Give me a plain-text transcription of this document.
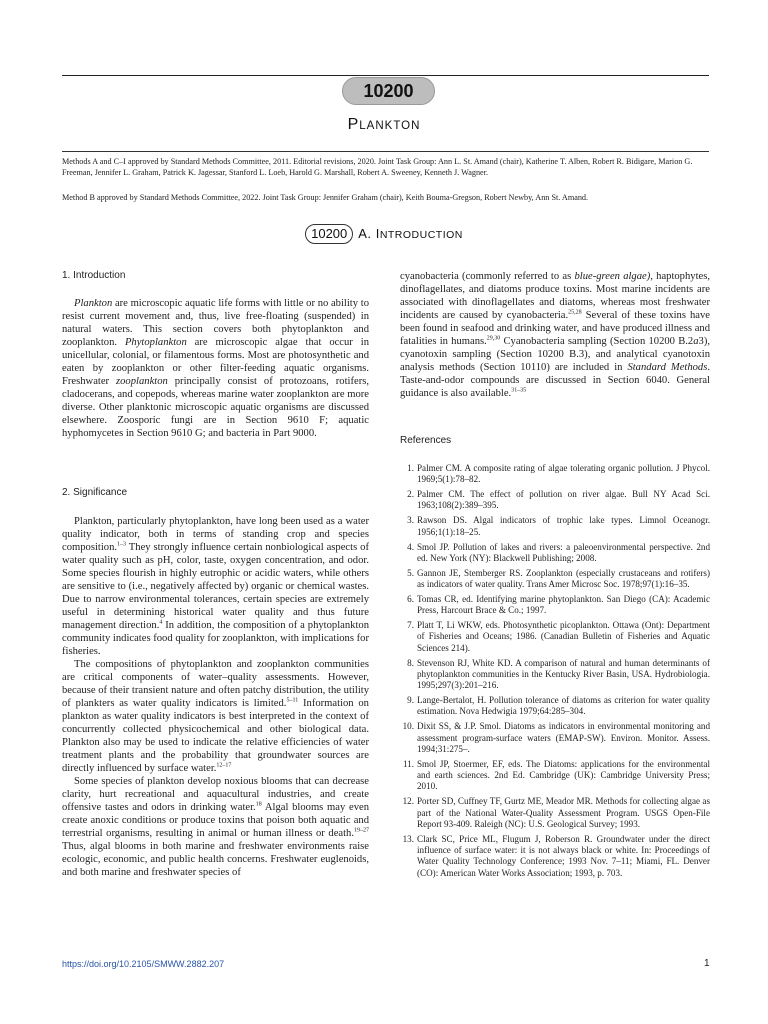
10200
PLANKTON
Methods A and C–I approved by Standard Methods Committee, 2011. Editorial revisions, 2020. Joint Task Group: Ann L. St. Amand (chair), Katherine T. Alben, Robert R. Bidigare, Marion G. Freeman, Jennifer L. Graham, Patrick K. Jagessar, Stanford L. Loeb, Harold G. Marshall, Robert A. Sweeney, Kenneth J. Wagner.
Method B approved by Standard Methods Committee, 2022. Joint Task Group: Jennifer Graham (chair), Keith Bouma-Gregson, Robert Newby, Ann St. Amand.
10200 A. INTRODUCTION
1. Introduction

Plankton are microscopic aquatic life forms with little or no ability to resist current movement and, thus, live free-floating (suspended) in natural waters. This section covers both phytoplankton and zooplankton. Phytoplankton are microscopic algae that occur in unicellular, colonial, or filamentous forms. Most are photosynthetic and eaten by zooplankton or other filter-feeding aquatic organisms. Freshwater zooplankton principally consist of protozoans, rotifers, cladocerans, and copepods, whereas marine water zooplankton are more diverse. Other planktonic microscopic aquatic organisms are discussed elsewhere. Zoosporic fungi are in Section 9610 F; aquatic hyphomycetes in Section 9610 G; and bacteria in Part 9000.

2. Significance

Plankton, particularly phytoplankton, have long been used as a water quality indicator, both in terms of standing crop and species composition.$^{1-3}$ They strongly influence certain nonbiological aspects of water quality such as pH, color, taste, oxygen concentration, and odor. Some species flourish in highly eutrophic or acidic waters, while others are sensitive to (i.e., negatively affected by) organic or chemical wastes. Due to narrow environmental tolerances, certain species are extremely useful in determining historical water quality and thus future management direction.$^4$ In addition, the composition of a phytoplankton community indicates food quality for zooplankton, with implications for fisheries.

The compositions of phytoplankton and zooplankton communities are critical components of water–quality assessments. However, because of their transient nature and often patchy distribution, the utility of plankters as water quality indicators is limited.$^{5-11}$ Information on plankton as water quality indicators is best interpreted in the context of concurrently collected physicochemical and other biological data. Plankton also may be used to indicate the relative efficiencies of water treatment plants and the probability that groundwater sources are directly influenced by surface water.$^{12-17}$

Some species of plankton develop noxious blooms that can decrease clarity, hurt recreational and aquacultural industries, and create offensive tastes and odors in drinking water.$^{18}$ Algal blooms may even create anoxic conditions or produce toxins that poison both aquatic and terrestrial organisms, resulting in animal or human illness or death.$^{19-27}$ Thus, algal blooms in both marine and freshwater environments raise ecologic, economic, and public health concerns. Freshwater euglenoids, and both marine and freshwater species of

cyanobacteria (commonly referred to as blue-green algae), haptophytes, dinoflagellates, and diatoms produce toxins. Most marine incidents are associated with dinoflagellates and diatoms, whereas most freshwater incidents are caused by cyanobacteria.$^{25,28}$ Several of these toxins have been found in seafood and drinking water, and have produced illness and fatalities in humans.$^{29,30}$ Cyanobacteria sampling (Section 10200 B.2a3), cyanotoxin sampling (Section 10200 B.3), and analytical cyanotoxin analysis methods (Section 10110) are included in Standard Methods. Taste-and-odor compounds are discussed in Section 6040. General guidance is also available.$^{31-35}$

References
1. Palmer CM. A composite rating of algae tolerating organic pollution. J Phycol. 1969;5(1):78–82.
2. Palmer CM. The effect of pollution on river algae. Bull NY Acad Sci. 1963;108(2):389–395.
3. Rawson DS. Algal indicators of trophic lake types. Limnol Oceanogr. 1956;1(1):18–25.
4. Smol JP. Pollution of lakes and rivers: a paleoenvironmental perspective. 2nd ed. New York (NY): Blackwell Publishing; 2008.
5. Gannon JE, Stemberger RS. Zooplankton (especially crustaceans and rotifers) as indicators of water quality. Trans Amer Microsc Soc. 1978;97(1):16–35.
6. Tomas CR, ed. Identifying marine phytoplankton. San Diego (CA): Academic Press, Harcourt Brace & Co.; 1997.
7. Platt T, Li WKW, eds. Photosynthetic picoplankton. Ottawa (Ont): Department of Fisheries and Oceans; 1986. (Canadian Bulletin of Fisheries and Aquatic Sciences 214).
8. Stevenson RJ, White KD. A comparison of natural and human determinants of phytoplankton communities in the Kentucky River Basin, USA. Hydrobiologia. 1995;297(3):201–216.
9. Lange-Bertalot, H. Pollution tolerance of diatoms as criterion for water quality estimation. Nova Hedwigia 1979;64:285–304.
10. Dixit SS, & J.P. Smol. Diatoms as indicators in environmental monitoring and assessment program-surface waters (EMAP-SW). Environ. Monitor. Assess. 1994;31:275–.
11. Smol JP, Stoermer, EF, eds. The Diatoms: applications for the environmental and earth sciences. 2nd Ed. Cambridge (UK): Cambridge University Press; 2010.
12. Porter SD, Cuffney TF, Gurtz ME, Meador MR. Methods for collecting algae as part of the National Water-Quality Assessment Program. USGS Open-File Report 93-409. Raleigh (NC): U.S. Geological Survey; 1993.
13. Clark SC, Price ML, Flugum J, Roberson R. Groundwater under the direct influence of surface water: it is not always black or white. In: Proceedings of Water Quality Technology Conference; 1993 Nov. 7–11; Miami, FL. Denver (CO): American Water Works Association; 1993, p. 703.
https://doi.org/10.2105/SMWW.2882.207	1
